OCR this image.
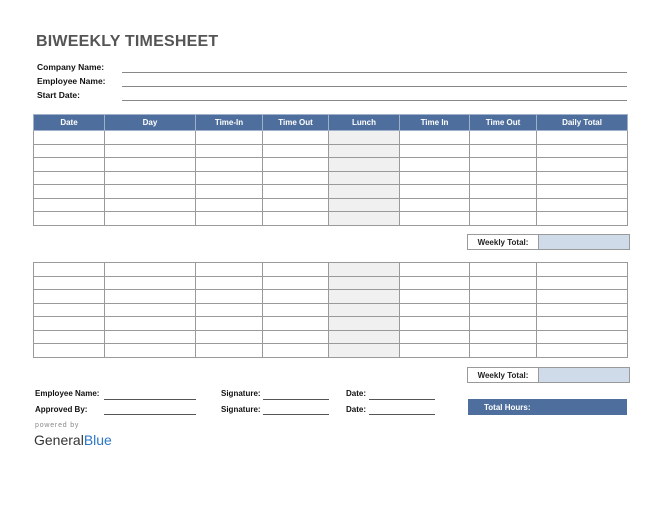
BIWEEKLY TIMESHEET
Company Name:
Employee Name:
Start Date:
Date	Day	Time-In	Time Out	Lunch	Time In	Time Out	Daily Total

Weekly Total:

Weekly Total:
Employee Name:	Signature:	Date:
Approved By:	Signature:	Date:	Total Hours:
powered by
GeneralBlue
